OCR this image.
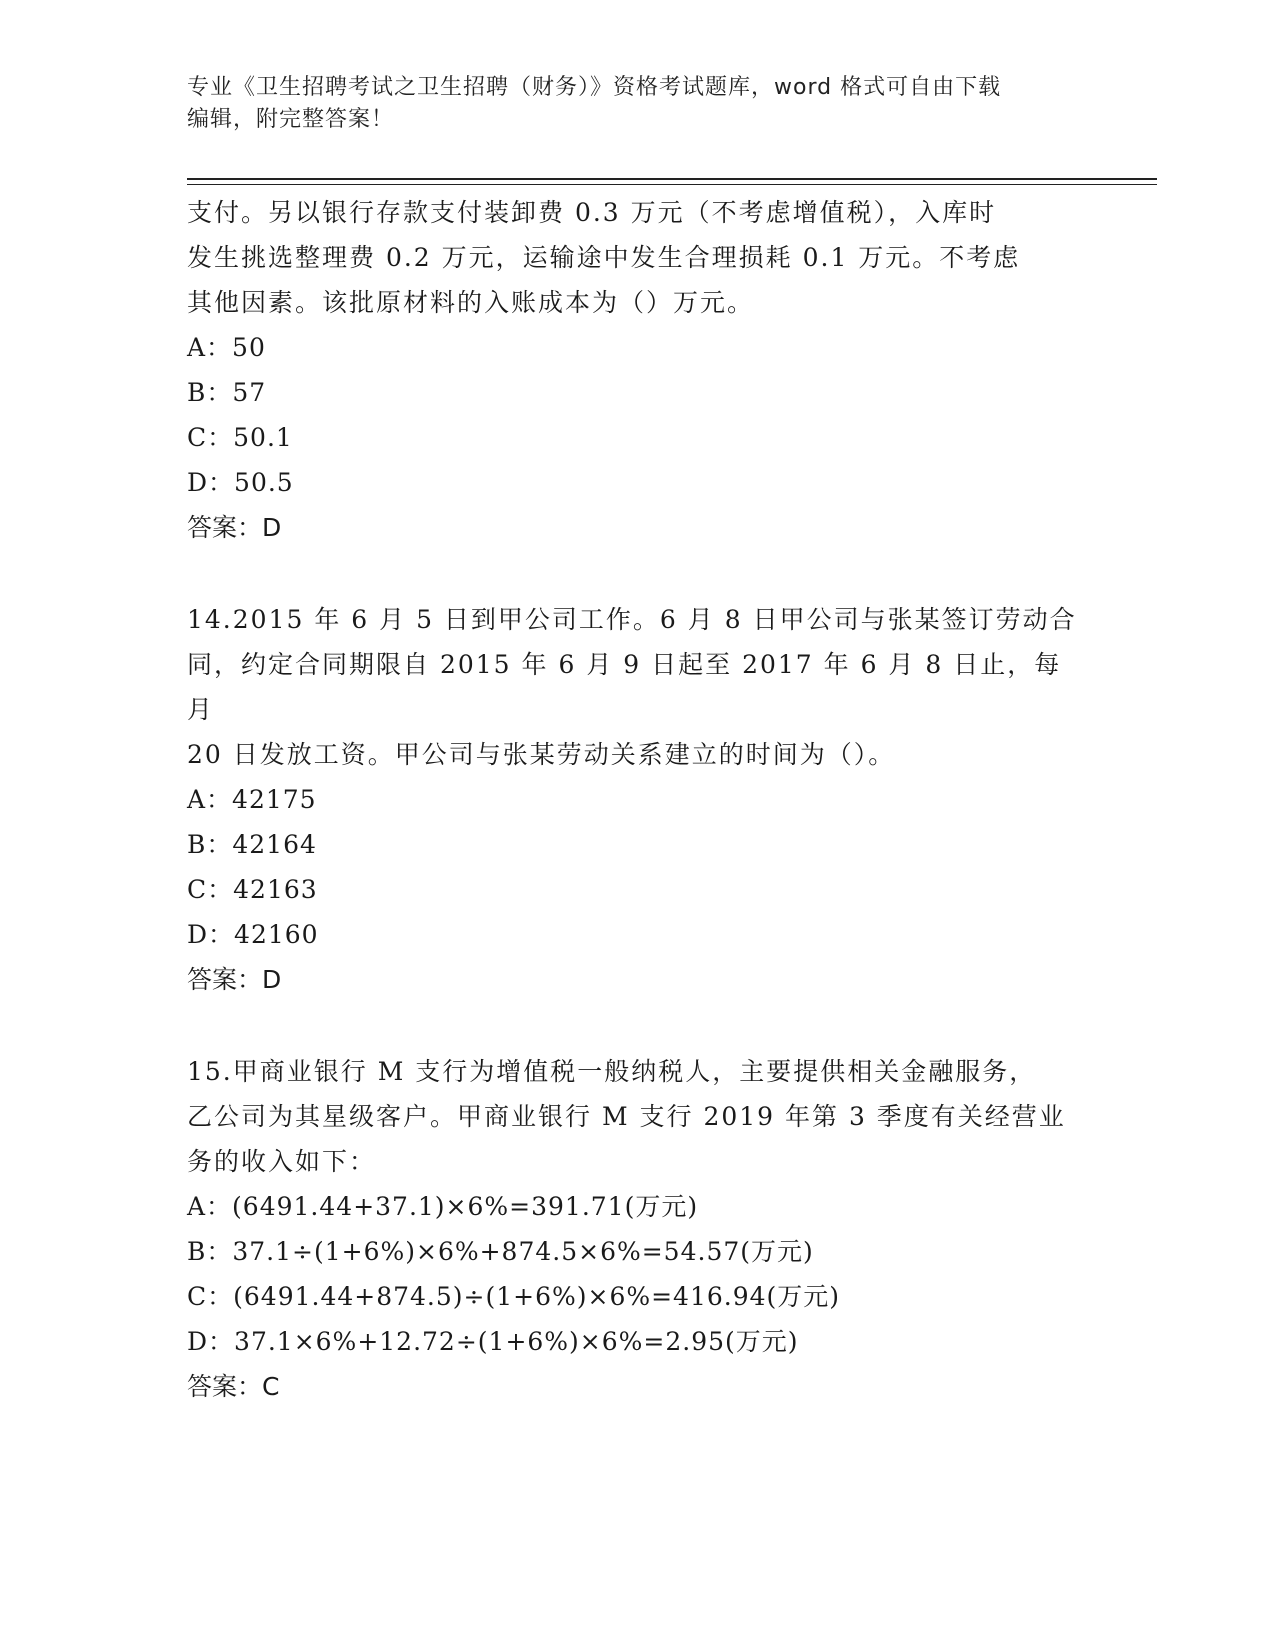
专业《卫生招聘考试之卫生招聘（财务）》资格考试题库，word 格式可自由下载
编辑，附完整答案！

支付。另以银行存款支付装卸费 0.3 万元（不考虑增值税），入库时

发生挑选整理费 0.2 万元，运输途中发生合理损耗 0.1 万元。不考虑

其他因素。该批原材料的入账成本为（）万元。

A：50

B：57

C：50.1

D：50.5

答案：D

14.2015 年 6 月 5 日到甲公司工作。6 月 8 日甲公司与张某签订劳动合

同，约定合同期限自 2015 年 6 月 9 日起至 2017 年 6 月 8 日止，每月

20 日发放工资。甲公司与张某劳动关系建立的时间为（）。

A：42175

B：42164

C：42163

D：42160

答案：D

15.甲商业银行 M 支行为增值税一般纳税人，主要提供相关金融服务，

乙公司为其星级客户。甲商业银行 M 支行 2019 年第 3 季度有关经营业

务的收入如下：

A：(6491.44+37.1)×6%=391.71(万元)

B：37.1÷(1+6%)×6%+874.5×6%=54.57(万元)

C：(6491.44+874.5)÷(1+6%)×6%=416.94(万元)

D：37.1×6%+12.72÷(1+6%)×6%=2.95(万元)

答案：C
